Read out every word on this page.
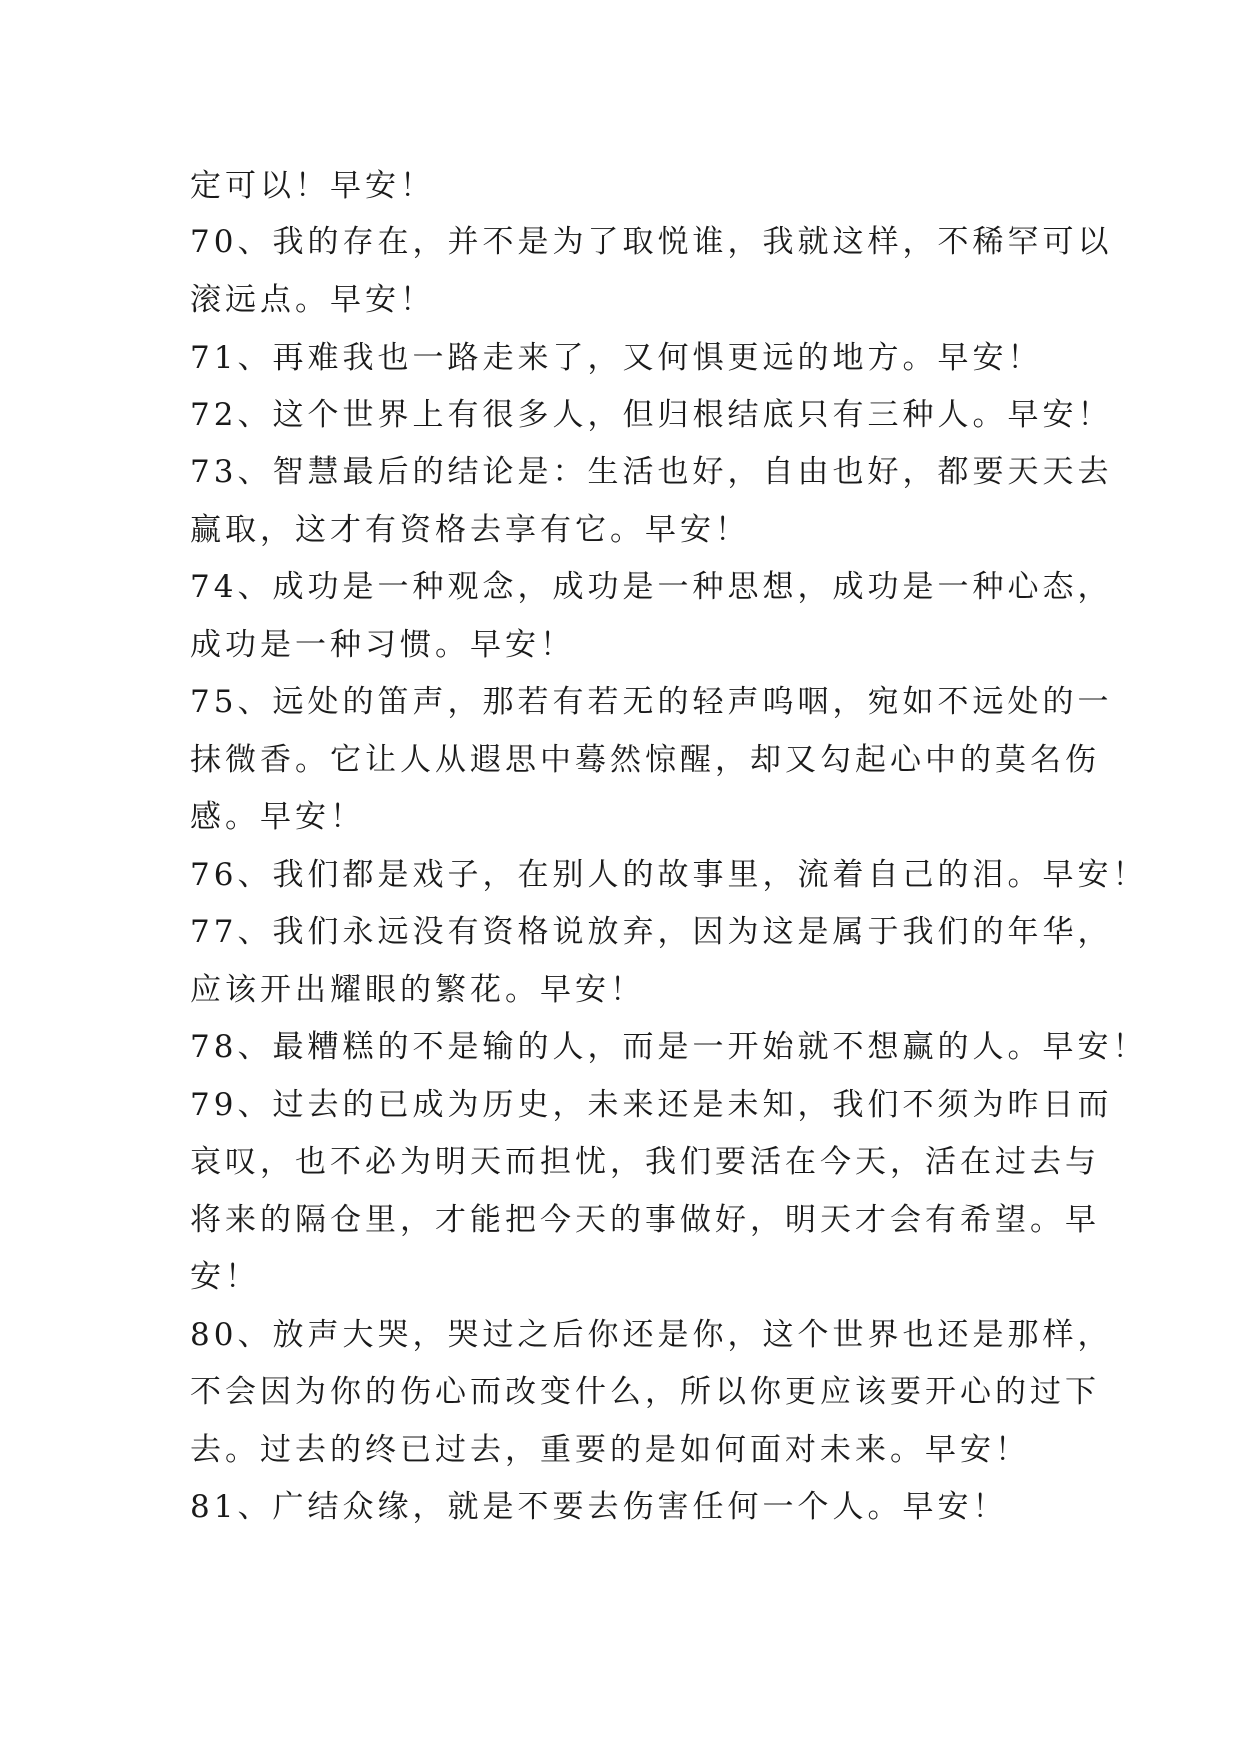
定可以！早安！
70、我的存在，并不是为了取悦谁，我就这样，不稀罕可以
滚远点。早安！
71、再难我也一路走来了，又何惧更远的地方。早安！
72、这个世界上有很多人，但归根结底只有三种人。早安！
73、智慧最后的结论是：生活也好，自由也好，都要天天去
赢取，这才有资格去享有它。早安！
74、成功是一种观念，成功是一种思想，成功是一种心态，
成功是一种习惯。早安！
75、远处的笛声，那若有若无的轻声呜咽，宛如不远处的一
抹微香。它让人从遐思中蓦然惊醒，却又勾起心中的莫名伤
感。早安！
76、我们都是戏子，在别人的故事里，流着自己的泪。早安！
77、我们永远没有资格说放弃，因为这是属于我们的年华，
应该开出耀眼的繁花。早安！
78、最糟糕的不是输的人，而是一开始就不想赢的人。早安！
79、过去的已成为历史，未来还是未知，我们不须为昨日而
哀叹，也不必为明天而担忧，我们要活在今天，活在过去与
将来的隔仓里，才能把今天的事做好，明天才会有希望。早
安！
80、放声大哭，哭过之后你还是你，这个世界也还是那样，
不会因为你的伤心而改变什么，所以你更应该要开心的过下
去。过去的终已过去，重要的是如何面对未来。早安！
81、广结众缘，就是不要去伤害任何一个人。早安！
